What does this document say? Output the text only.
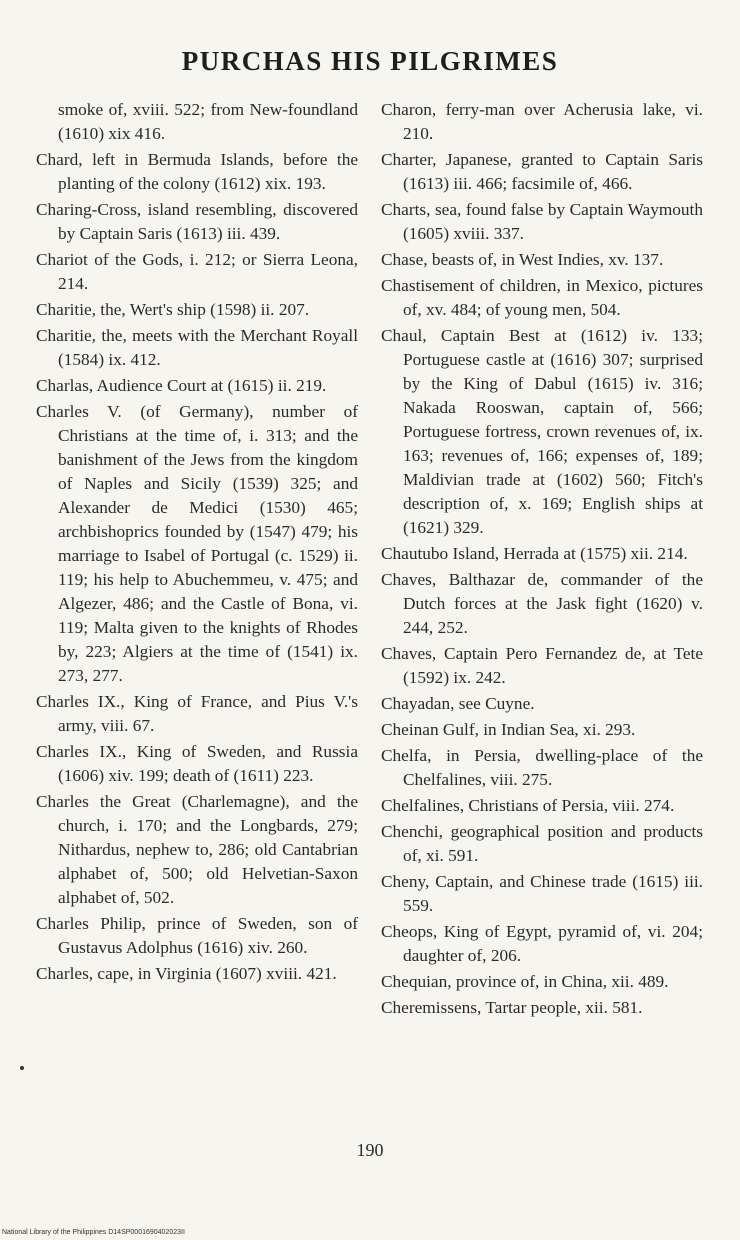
PURCHAS HIS PILGRIMES

smoke of, xviii. 522; from New-foundland (1610) xix 416.

Chard, left in Bermuda Islands, before the planting of the colony (1612) xix. 193.

Charing-Cross, island resembling, discovered by Captain Saris (1613) iii. 439.

Chariot of the Gods, i. 212; or Sierra Leona, 214.

Charitie, the, Wert's ship (1598) ii. 207.

Charitie, the, meets with the Merchant Royall (1584) ix. 412.

Charlas, Audience Court at (1615) ii. 219.

Charles V. (of Germany), number of Christians at the time of, i. 313; and the banishment of the Jews from the kingdom of Naples and Sicily (1539) 325; and Alexander de Medici (1530) 465; archbishoprics founded by (1547) 479; his marriage to Isabel of Portugal (c. 1529) ii. 119; his help to Abuchemmeu, v. 475; and Algezer, 486; and the Castle of Bona, vi. 119; Malta given to the knights of Rhodes by, 223; Algiers at the time of (1541) ix. 273, 277.

Charles IX., King of France, and Pius V.'s army, viii. 67.

Charles IX., King of Sweden, and Russia (1606) xiv. 199; death of (1611) 223.

Charles the Great (Charlemagne), and the church, i. 170; and the Longbards, 279; Nithardus, nephew to, 286; old Cantabrian alphabet of, 500; old Helvetian-Saxon alphabet of, 502.

Charles Philip, prince of Sweden, son of Gustavus Adolphus (1616) xiv. 260.

Charles, cape, in Virginia (1607) xviii. 421.

Charon, ferry-man over Acherusia lake, vi. 210.

Charter, Japanese, granted to Captain Saris (1613) iii. 466; facsimile of, 466.

Charts, sea, found false by Captain Waymouth (1605) xviii. 337.

Chase, beasts of, in West Indies, xv. 137.

Chastisement of children, in Mexico, pictures of, xv. 484; of young men, 504.

Chaul, Captain Best at (1612) iv. 133; Portuguese castle at (1616) 307; surprised by the King of Dabul (1615) iv. 316; Nakada Rooswan, captain of, 566; Portuguese fortress, crown revenues of, ix. 163; revenues of, 166; expenses of, 189; Maldivian trade at (1602) 560; Fitch's description of, x. 169; English ships at (1621) 329.

Chautubo Island, Herrada at (1575) xii. 214.

Chaves, Balthazar de, commander of the Dutch forces at the Jask fight (1620) v. 244, 252.

Chaves, Captain Pero Fernandez de, at Tete (1592) ix. 242.

Chayadan, see Cuyne.

Cheinan Gulf, in Indian Sea, xi. 293.

Chelfa, in Persia, dwelling-place of the Chelfalines, viii. 275.

Chelfalines, Christians of Persia, viii. 274.

Chenchi, geographical position and products of, xi. 591.

Cheny, Captain, and Chinese trade (1615) iii. 559.

Cheops, King of Egypt, pyramid of, vi. 204; daughter of, 206.

Chequian, province of, in China, xii. 489.

Cheremissens, Tartar people, xii. 581.

190
National Library of the Philippines D14SP0001690402023II
